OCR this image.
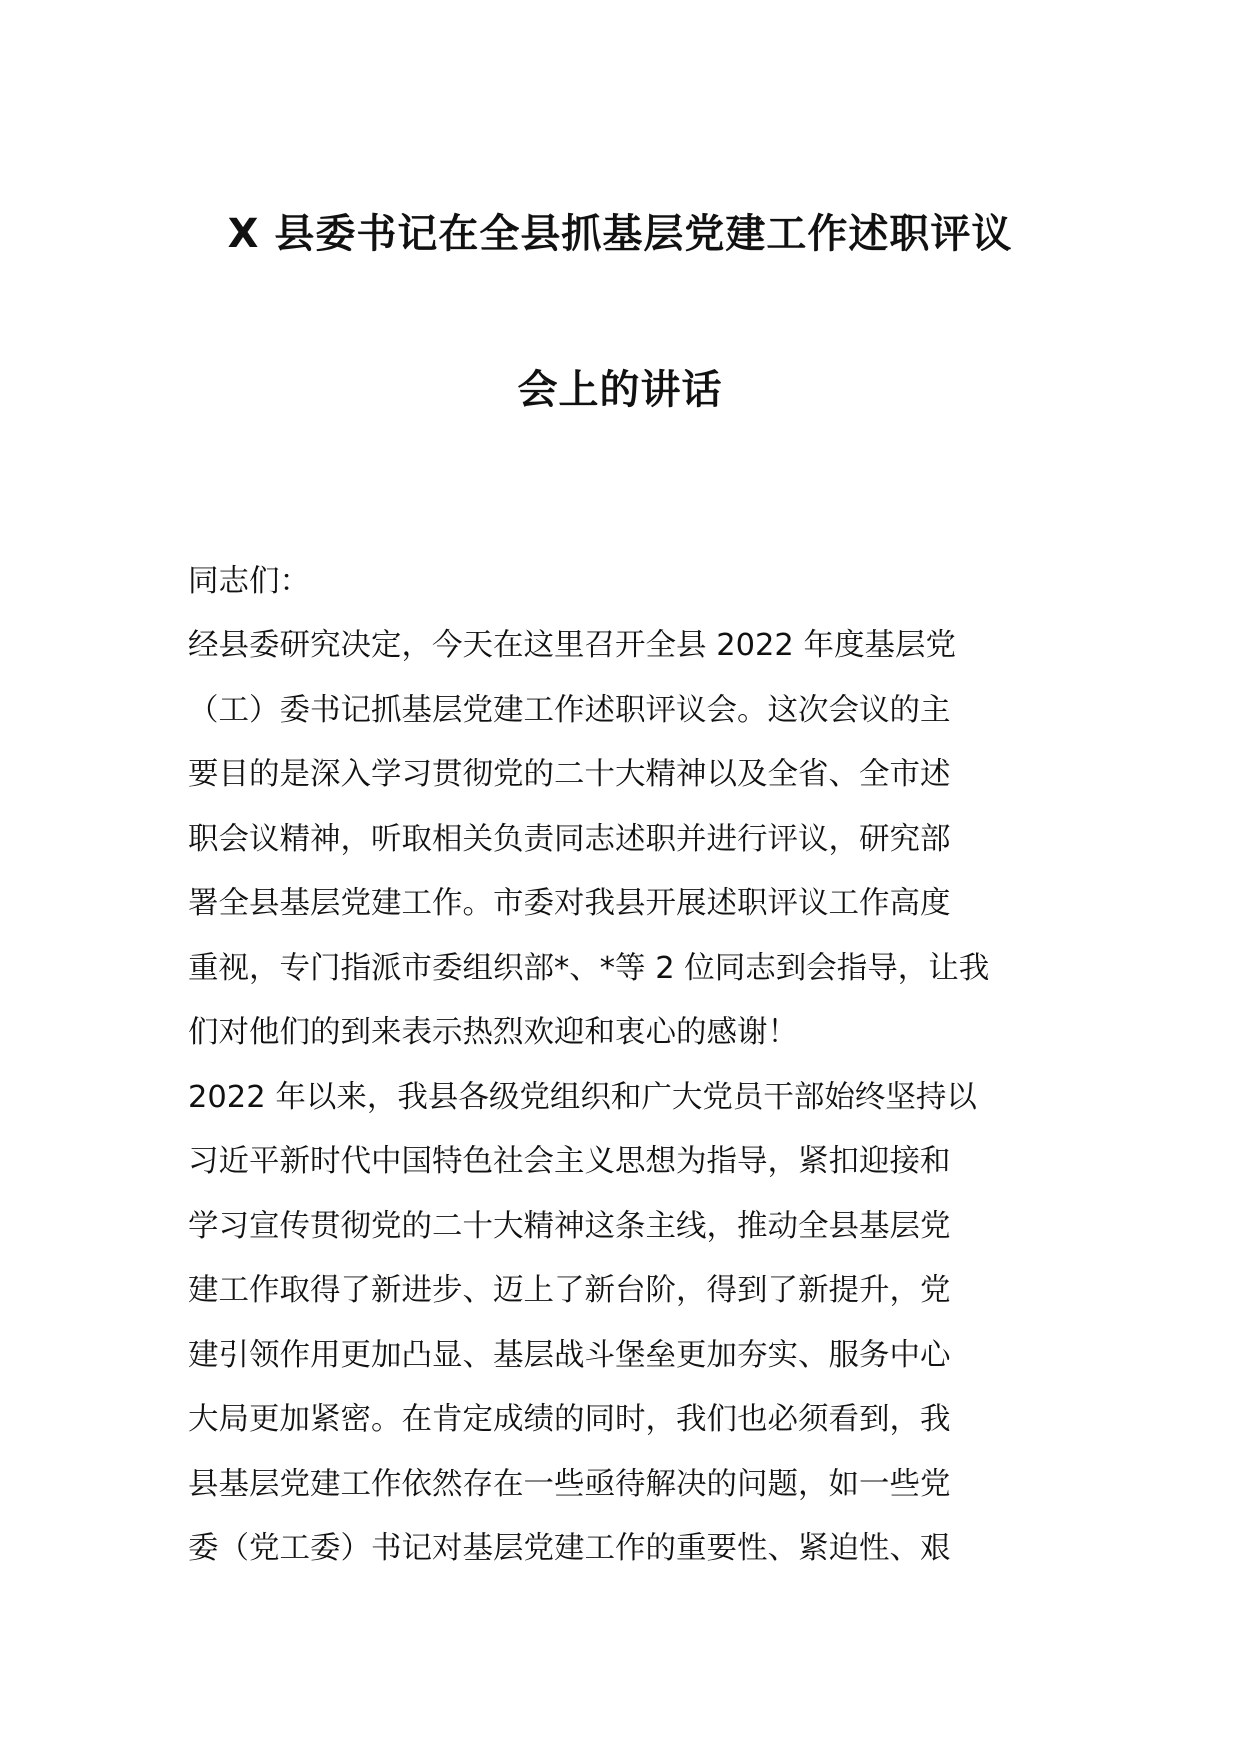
X 县委书记在全县抓基层党建工作述职评议
会上的讲话
同志们：
经县委研究决定，今天在这里召开全县 2022 年度基层党
（工）委书记抓基层党建工作述职评议会。这次会议的主
要目的是深入学习贯彻党的二十大精神以及全省、全市述
职会议精神，听取相关负责同志述职并进行评议，研究部
署全县基层党建工作。市委对我县开展述职评议工作高度
重视，专门指派市委组织部*、*等 2 位同志到会指导，让我
们对他们的到来表示热烈欢迎和衷心的感谢！
2022 年以来，我县各级党组织和广大党员干部始终坚持以
习近平新时代中国特色社会主义思想为指导，紧扣迎接和
学习宣传贯彻党的二十大精神这条主线，推动全县基层党
建工作取得了新进步、迈上了新台阶，得到了新提升，党
建引领作用更加凸显、基层战斗堡垒更加夯实、服务中心
大局更加紧密。在肯定成绩的同时，我们也必须看到，我
县基层党建工作依然存在一些亟待解决的问题，如一些党
委（党工委）书记对基层党建工作的重要性、紧迫性、艰
